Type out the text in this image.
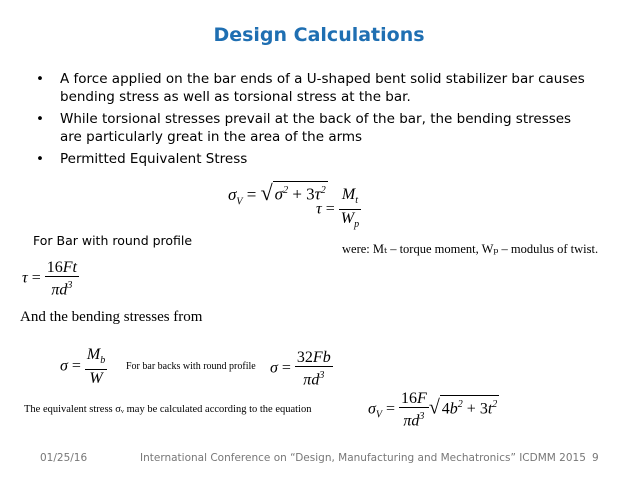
Design Calculations
• A force applied on the bar ends of a U-shaped bent solid stabilizer bar causes bending stress as well as torsional stress at the bar.
• While torsional stresses prevail at the back of the bar, the bending stresses are particularly great in the area of the arms
• Permitted Equivalent Stress
$\sigma_V$ = √ $\sigma^2 + 3\tau^2$
$\tau = \frac{M_t}{W_p}$
For Bar with round profile
were: Mₜ – torque moment, Wₚ – modulus of twist.
$\tau = \frac{16Ft}{\pi d^3}$
And the bending stresses from
$\sigma = \frac{M_b}{W}$ For bar backs with round profile $\sigma = \frac{32Fb}{\pi d^3}$
The equivalent stress σᵥ may be calculated according to the equation	$\sigma_V = \frac{16F}{\pi d^3}$ √ $4b^2 + 3t^2$
01/25/16	International Conference on “Design, Manufacturing and Mechatronics” ICDMM 2015 9
